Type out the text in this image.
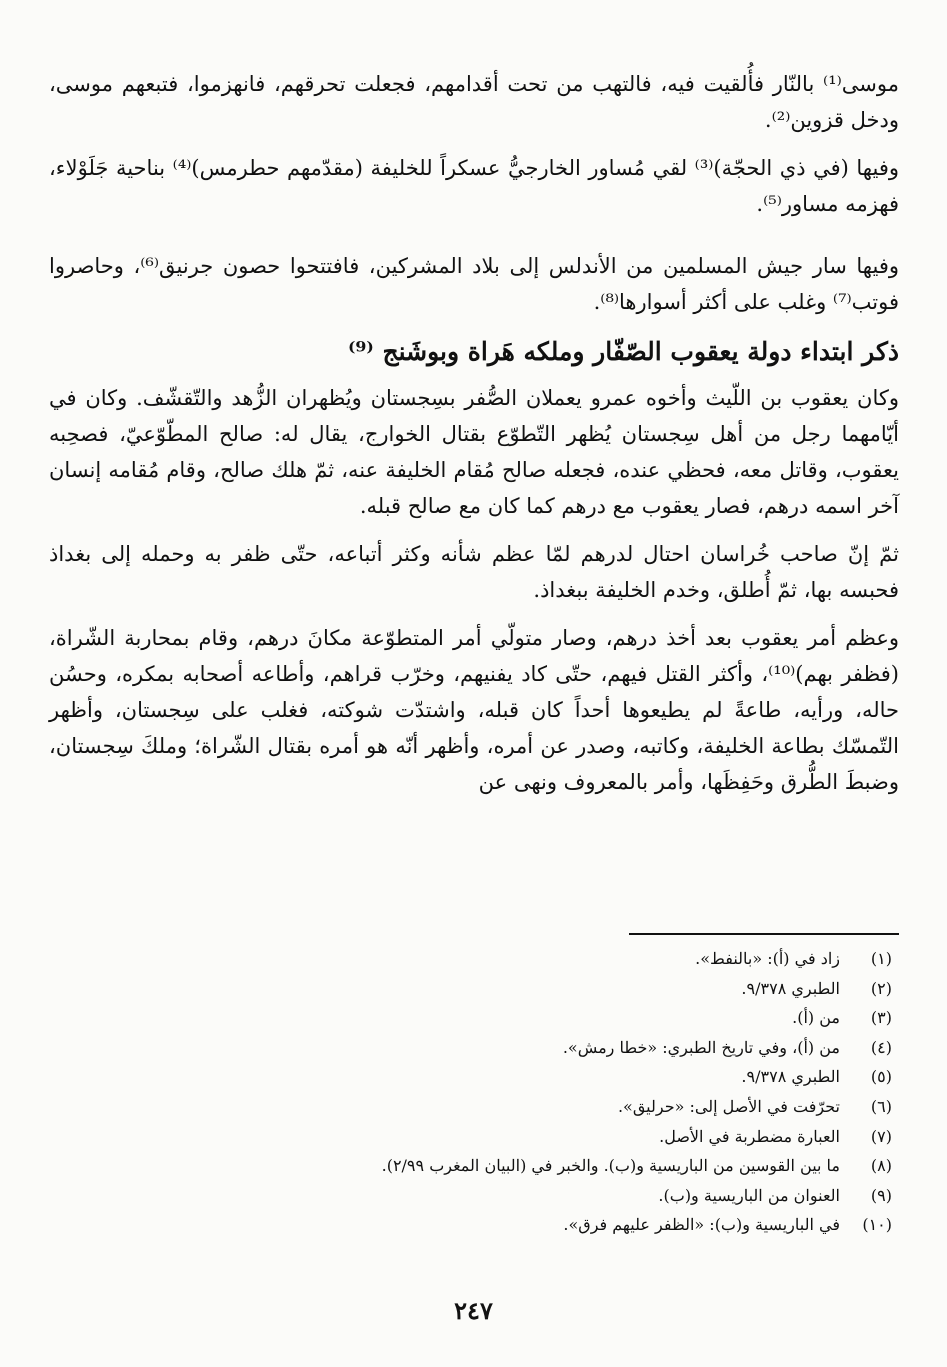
موسى⁽¹⁾ بالنّار فأُلقيت فيه، فالتهب من تحت أقدامهم، فجعلت تحرقهم، فانهزموا، فتبعهم موسى، ودخل قزوين⁽²⁾.

وفيها (في ذي الحجّة)⁽³⁾ لقي مُساور الخارجيُّ عسكراً للخليفة (مقدّمهم حطرمس)⁽⁴⁾ بناحية جَلَوْلاء، فهزمه مساور⁽⁵⁾.

وفيها سار جيش المسلمين من الأندلس إلى بلاد المشركين، فافتتحوا حصون جرنيق⁽⁶⁾، وحاصروا فوتب⁽⁷⁾ وغلب على أكثر أسوارها⁽⁸⁾.

ذكر ابتداء دولة يعقوب الصّفّار وملكه هَراة وبوشَنج ⁽⁹⁾

وكان يعقوب بن اللّيث وأخوه عمرو يعملان الصُّفر بسِجستان ويُظهران الزُّهد والتّقشّف. وكان في أيّامهما رجل من أهل سِجستان يُظهر التّطوّع بقتال الخوارج، يقال له: صالح المطّوّعيّ، فصحِبه يعقوب، وقاتل معه، فحظي عنده، فجعله صالح مُقام الخليفة عنه، ثمّ هلك صالح، وقام مُقامه إنسان آخر اسمه درهم، فصار يعقوب مع درهم كما كان مع صالح قبله.

ثمّ إنّ صاحب خُراسان احتال لدرهم لمّا عظم شأنه وكثر أتباعه، حتّى ظفر به وحمله إلى بغداذ فحبسه بها، ثمّ أُطلق، وخدم الخليفة ببغداذ.

وعظم أمر يعقوب بعد أخذ درهم، وصار متولّي أمر المتطوّعة مكانَ درهم، وقام بمحاربة الشّراة، (فظفر بهم)⁽¹⁰⁾، وأكثر القتل فيهم، حتّى كاد يفنيهم، وخرّب قراهم، وأطاعه أصحابه بمكره، وحسُن حاله، ورأيه، طاعةً لم يطيعوها أحداً كان قبله، واشتدّت شوكته، فغلب على سِجستان، وأظهر التّمسّك بطاعة الخليفة، وكاتبه، وصدر عن أمره، وأظهر أنّه هو أمره بقتال الشّراة؛ وملكَ سِجستان، وضبطَ الطُّرق وحَفِظَها، وأمر بالمعروف ونهى عن

(١)
زاد في (أ): «بالنفط».
(٢)
الطبري ٩/٣٧٨.
(٣)
من (أ).
(٤)
من (أ)، وفي تاريخ الطبري: «خطا رمش».
(٥)
الطبري ٩/٣٧٨.
(٦)
تحرّفت في الأصل إلى: «حرليق».
(٧)
العبارة مضطربة في الأصل.
(٨)
ما بين القوسين من الباريسية و(ب). والخبر في (البيان المغرب ٢/٩٩).
(٩)
العنوان من الباريسية و(ب).
(١٠)
في الباريسية و(ب): «الظفر عليهم فرق».
٢٤٧
